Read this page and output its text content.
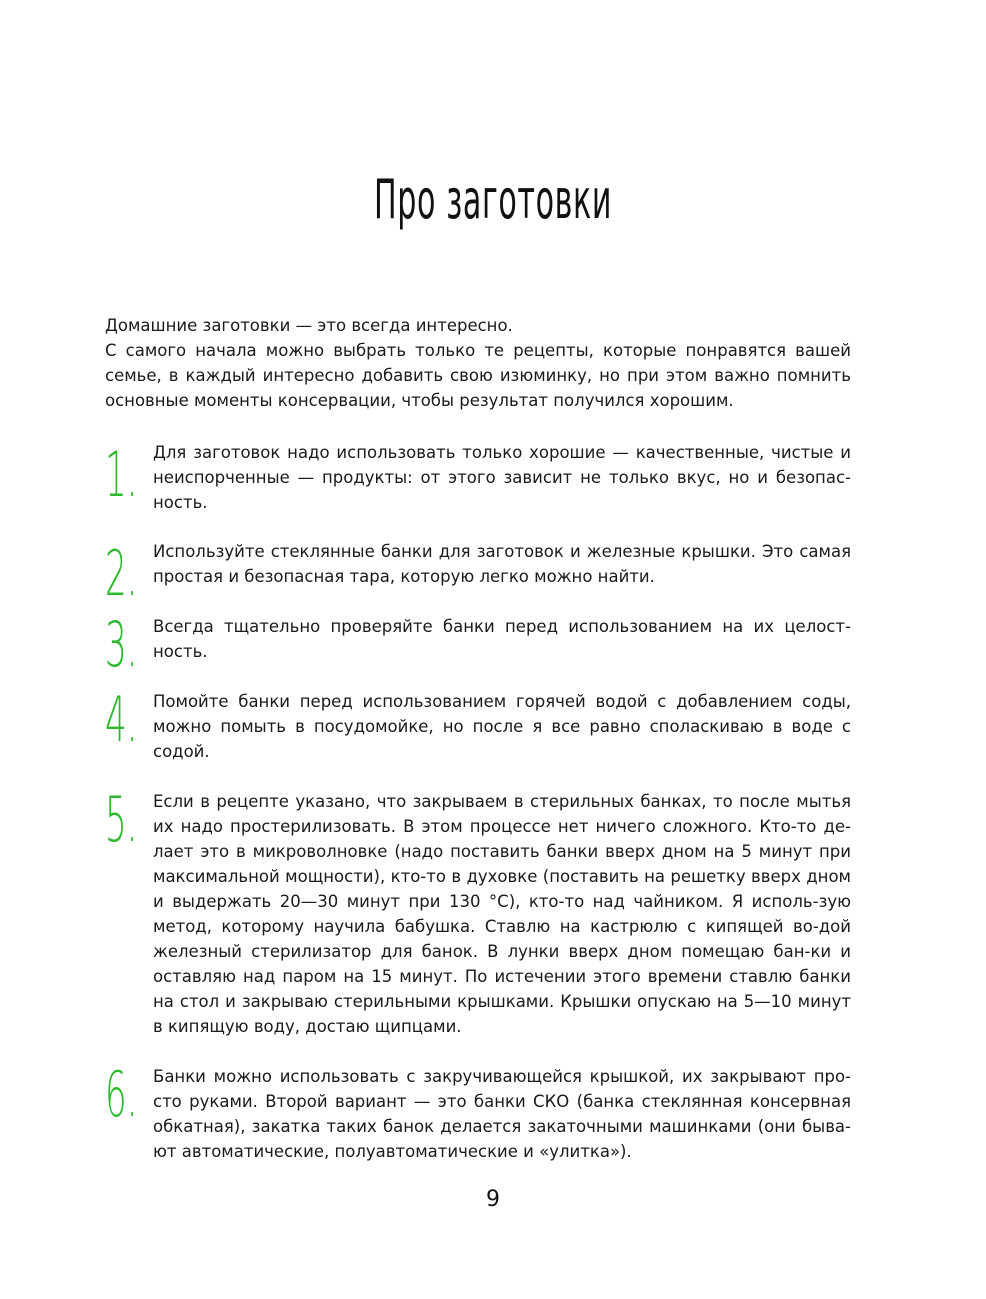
Про заготовки

Домашние заготовки — это всегда интересно.

С самого начала можно выбрать только те рецепты, которые понравятся вашей семье, в каждый интересно добавить свою изюминку, но при этом важно помнить основные моменты консервации, чтобы результат получился хорошим.

1. Для заготовок надо использовать только хорошие — качественные, чистые и неиспорченные — продукты: от этого зависит не только вкус, но и безопас-ность.
2. Используйте стеклянные банки для заготовок и железные крышки. Это самая простая и безопасная тара, которую легко можно найти.
3. Всегда тщательно проверяйте банки перед использованием на их целост-ность.
4. Помойте банки перед использованием горячей водой с добавлением соды, можно помыть в посудомойке, но после я все равно споласкиваю в воде с содой.
5. Если в рецепте указано, что закрываем в стерильных банках, то после мытья их надо простерилизовать. В этом процессе нет ничего сложного. Кто-то де-лает это в микроволновке (надо поставить банки вверх дном на 5 минут при максимальной мощности), кто-то в духовке (поставить на решетку вверх дном и выдержать 20—30 минут при 130 °C), кто-то над чайником. Я исполь-зую метод, которому научила бабушка. Ставлю на кастрюлю с кипящей во-дой железный стерилизатор для банок. В лунки вверх дном помещаю бан-ки и оставляю над паром на 15 минут. По истечении этого времени ставлю банки на стол и закрываю стерильными крышками. Крышки опускаю на 5—10 минут в кипящую воду, достаю щипцами.
6. Банки можно использовать с закручивающейся крышкой, их закрывают про-сто руками. Второй вариант — это банки СКО (банка стеклянная консервная обкатная), закатка таких банок делается закаточными машинками (они быва-ют автоматические, полуавтоматические и «улитка»).
9
